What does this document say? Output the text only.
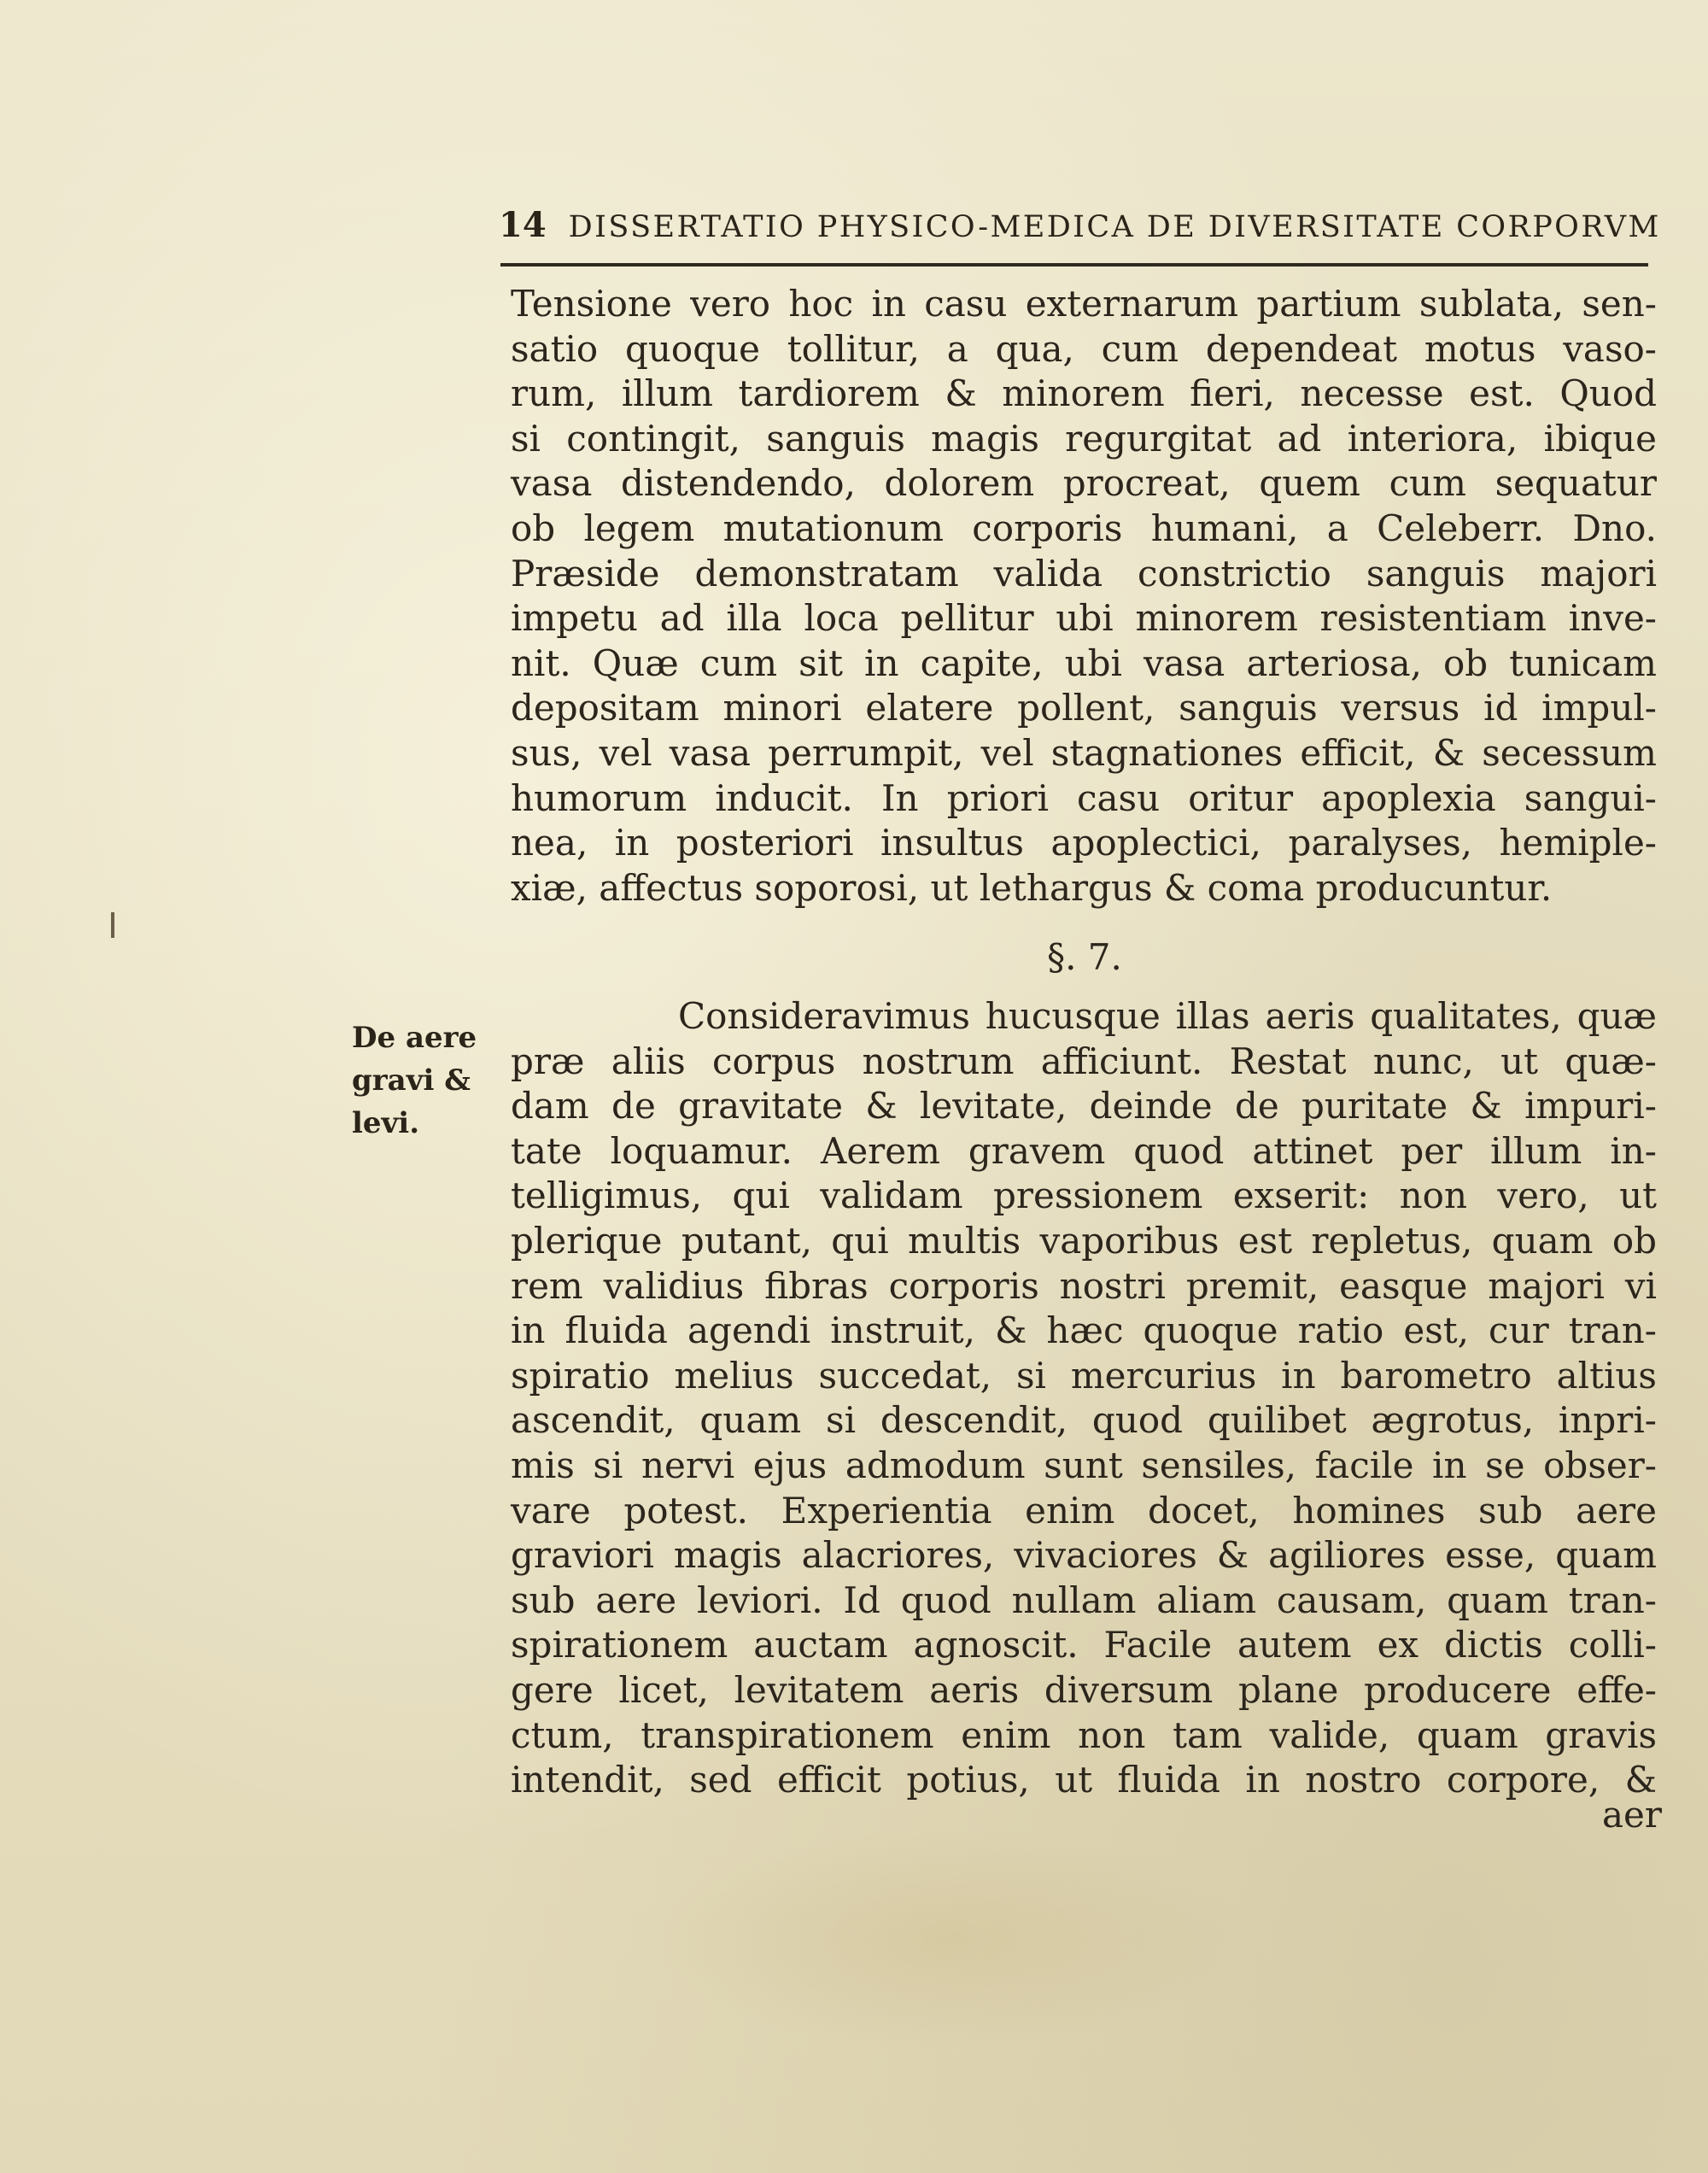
14 DISSERTATIO PHYSICO-MEDICA DE DIVERSITATE CORPORVM
Tensione vero hoc in casu externarum partium sublata, sen-
satio quoque tollitur, a qua, cum dependeat motus vaso-
rum, illum tardiorem & minorem fieri, necesse est. Quod
si contingit, sanguis magis regurgitat ad interiora, ibique
vasa distendendo, dolorem procreat, quem cum sequatur
ob legem mutationum corporis humani, a Celeberr. Dno.
Præside demonstratam valida constrictio sanguis majori
impetu ad illa loca pellitur ubi minorem resistentiam inve-
nit. Quæ cum sit in capite, ubi vasa arteriosa, ob tunicam
depositam minori elatere pollent, sanguis versus id impul-
sus, vel vasa perrumpit, vel stagnationes efficit, & secessum
humorum inducit. In priori casu oritur apoplexia sangui-
nea, in posteriori insultus apoplectici, paralyses, hemiple-
xiæ, affectus soporosi, ut lethargus & coma producuntur.
§. 7.
De aere
gravi &
levi.
Consideravimus hucusque illas aeris qualitates, quæ
præ aliis corpus nostrum afficiunt. Restat nunc, ut quæ-
dam de gravitate & levitate, deinde de puritate & impuri-
tate loquamur. Aerem gravem quod attinet per illum in-
telligimus, qui validam pressionem exserit: non vero, ut
plerique putant, qui multis vaporibus est repletus, quam ob
rem validius fibras corporis nostri premit, easque majori vi
in fluida agendi instruit, & hæc quoque ratio est, cur tran-
spiratio melius succedat, si mercurius in barometro altius
ascendit, quam si descendit, quod quilibet ægrotus, inpri-
mis si nervi ejus admodum sunt sensiles, facile in se obser-
vare potest. Experientia enim docet, homines sub aere
graviori magis alacriores, vivaciores & agiliores esse, quam
sub aere leviori. Id quod nullam aliam causam, quam tran-
spirationem auctam agnoscit. Facile autem ex dictis colli-
gere licet, levitatem aeris diversum plane producere effe-
ctum, transpirationem enim non tam valide, quam gravis
intendit, sed efficit potius, ut fluida in nostro corpore, &
aer
